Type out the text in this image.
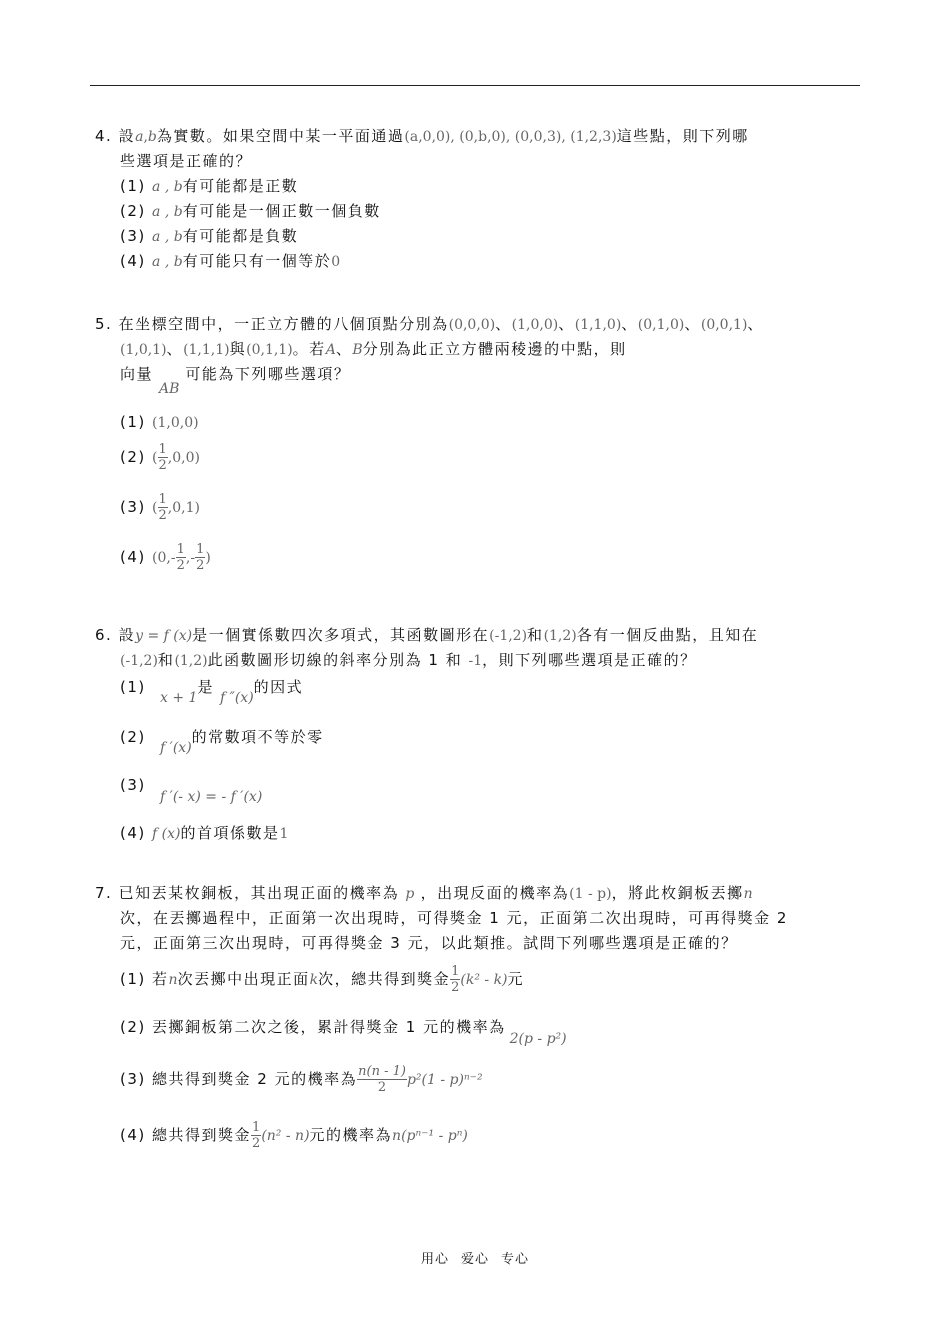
4. 設a,b為實數。如果空間中某一平面通過(a,0,0), (0,b,0), (0,0,3), (1,2,3)這些點，則下列哪
些選項是正確的？
(1) a , b有可能都是正數
(2) a , b有可能是一個正數一個負數
(3) a , b有可能都是負數
(4) a , b有可能只有一個等於0
5. 在坐標空間中，一正立方體的八個頂點分別為(0,0,0)、(1,0,0)、(1,1,0)、(0,1,0)、(0,0,1)、
(1,0,1)、(1,1,1)與(0,1,1)。若A、B分別為此正立方體兩稜邊的中點，則
向量AB可能為下列哪些選項？
(1) (1,0,0)
(2) ( $\frac{1}{2} ,0,0$)
(3) ( $\frac{1}{2} ,0,1$)
(4) ($0,- \frac{1}{2}$ ,- $\frac{1}{2}$ )
6. 設y = f (x)是一個實係數四次多項式，其函數圖形在(-1,2)和(1,2)各有一個反曲點，且知在
(-1,2)和(1,2)此函數圖形切線的斜率分別為 1 和 -1，則下列哪些選項是正確的？
(1) x + 1是f ″(x)的因式
(2) f ′(x)的常數項不等於零
(3) f ′(- x) = - f ′(x)
(4) f (x)的首項係數是1
7. 已知丟某枚銅板，其出現正面的機率為 p ，出現反面的機率為(1 - p)，將此枚銅板丟擲n
次，在丟擲過程中，正面第一次出現時，可得獎金 1 元，正面第二次出現時，可再得獎金 2
元，正面第三次出現時，可再得獎金 3 元，以此類推。試問下列哪些選項是正確的？
(1) 若n次丟擲中出現正面k次，總共得到獎金 $\frac{1}{2} (k^2 - k)$元
(2) 丟擲銅板第二次之後，累計得獎金 1 元的機率為2(p - p²)
(3) 總共得到獎金 2 元的機率為 $\frac{n(n - 1)}{2} p^2(1 - p)^{n-2}$
(4) 總共得到獎金 $\frac{1}{2} (n^2 - n)$元的機率為n(pⁿ⁻¹ - pⁿ)
用心 爱心 专心
